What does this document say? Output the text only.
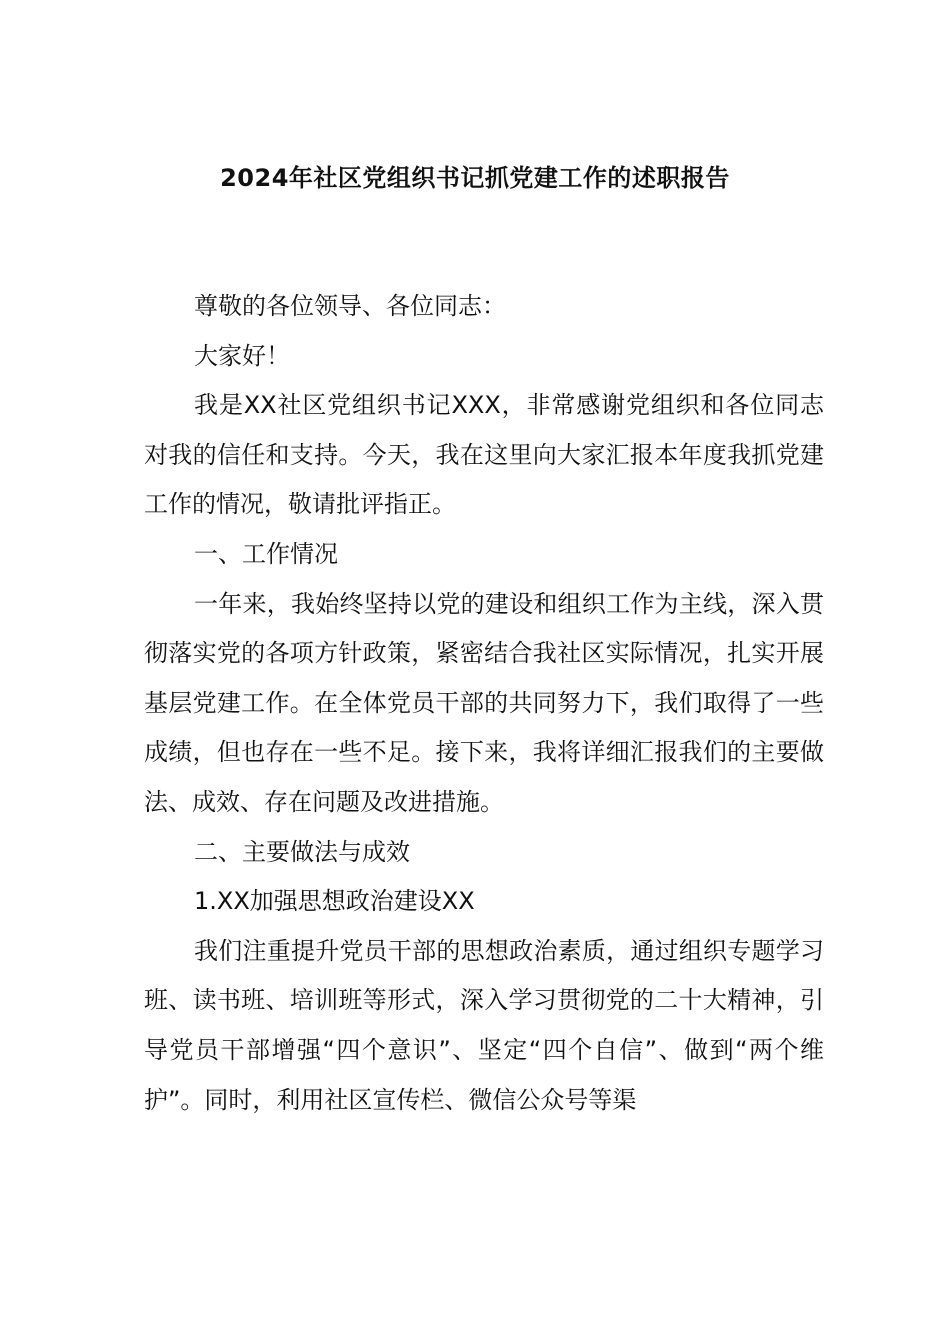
2024年社区党组织书记抓党建工作的述职报告

尊敬的各位领导、各位同志：

大家好！

我是XX社区党组织书记XXX，非常感谢党组织和各位同志对我的信任和支持。今天，我在这里向大家汇报本年度我抓党建工作的情况，敬请批评指正。

一、工作情况

一年来，我始终坚持以党的建设和组织工作为主线，深入贯彻落实党的各项方针政策，紧密结合我社区实际情况，扎实开展基层党建工作。在全体党员干部的共同努力下，我们取得了一些成绩，但也存在一些不足。接下来，我将详细汇报我们的主要做法、成效、存在问题及改进措施。

二、主要做法与成效

1.XX加强思想政治建设XX

我们注重提升党员干部的思想政治素质，通过组织专题学习班、读书班、培训班等形式，深入学习贯彻党的二十大精神，引导党员干部增强“四个意识”、坚定“四个自信”、做到“两个维护”。同时，利用社区宣传栏、微信公众号等渠
